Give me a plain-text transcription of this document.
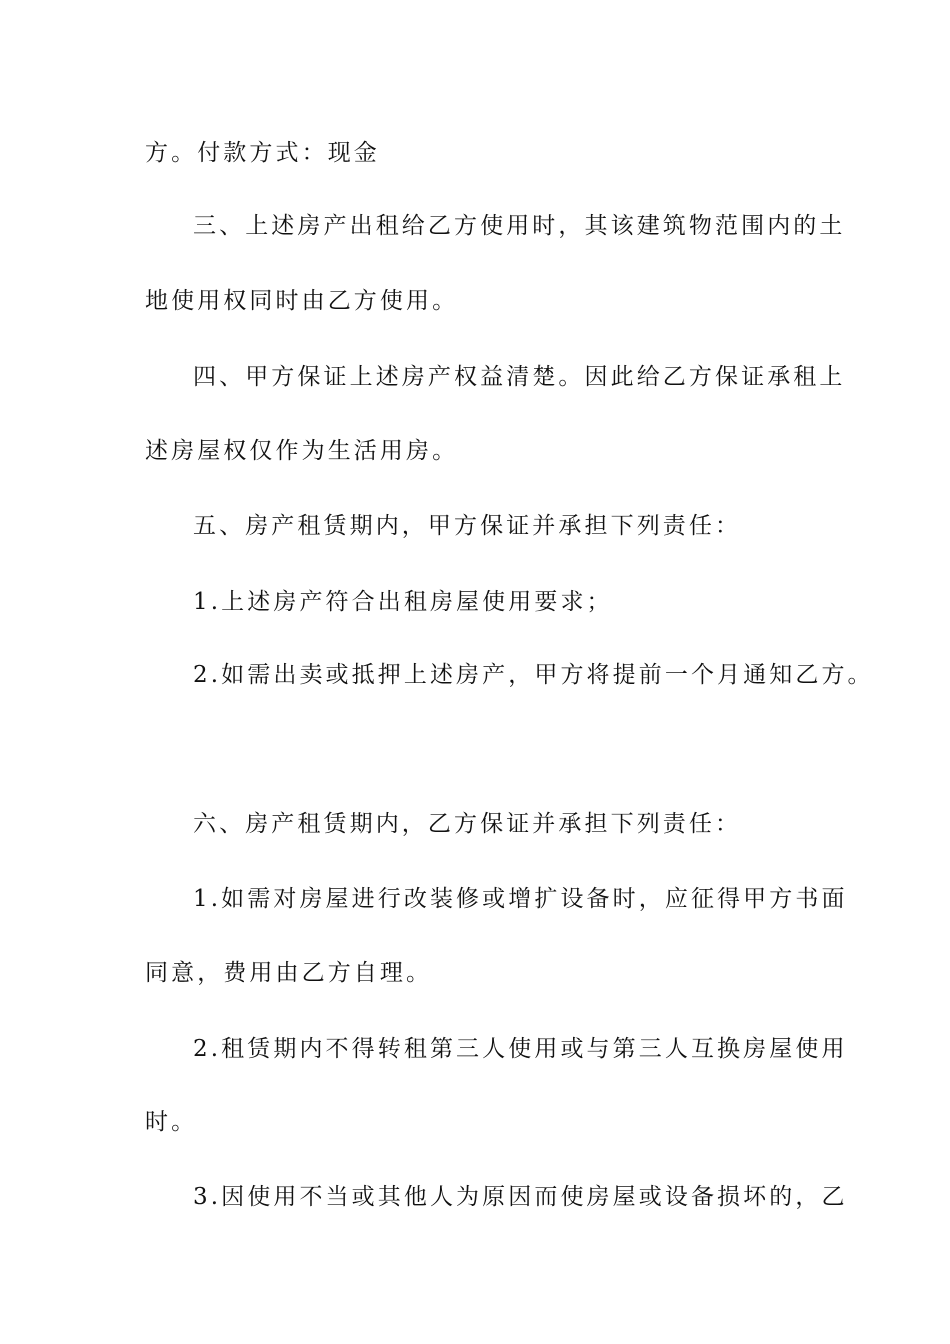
方。付款方式：现金
三、上述房产出租给乙方使用时，其该建筑物范围内的土
地使用权同时由乙方使用。
四、甲方保证上述房产权益清楚。因此给乙方保证承租上
述房屋权仅作为生活用房。
五、房产租赁期内，甲方保证并承担下列责任：
1.上述房产符合出租房屋使用要求；
2.如需出卖或抵押上述房产，甲方将提前一个月通知乙方。
六、房产租赁期内，乙方保证并承担下列责任：
1.如需对房屋进行改装修或增扩设备时，应征得甲方书面
同意，费用由乙方自理。
2.租赁期内不得转租第三人使用或与第三人互换房屋使用
时。
3.因使用不当或其他人为原因而使房屋或设备损坏的，乙
